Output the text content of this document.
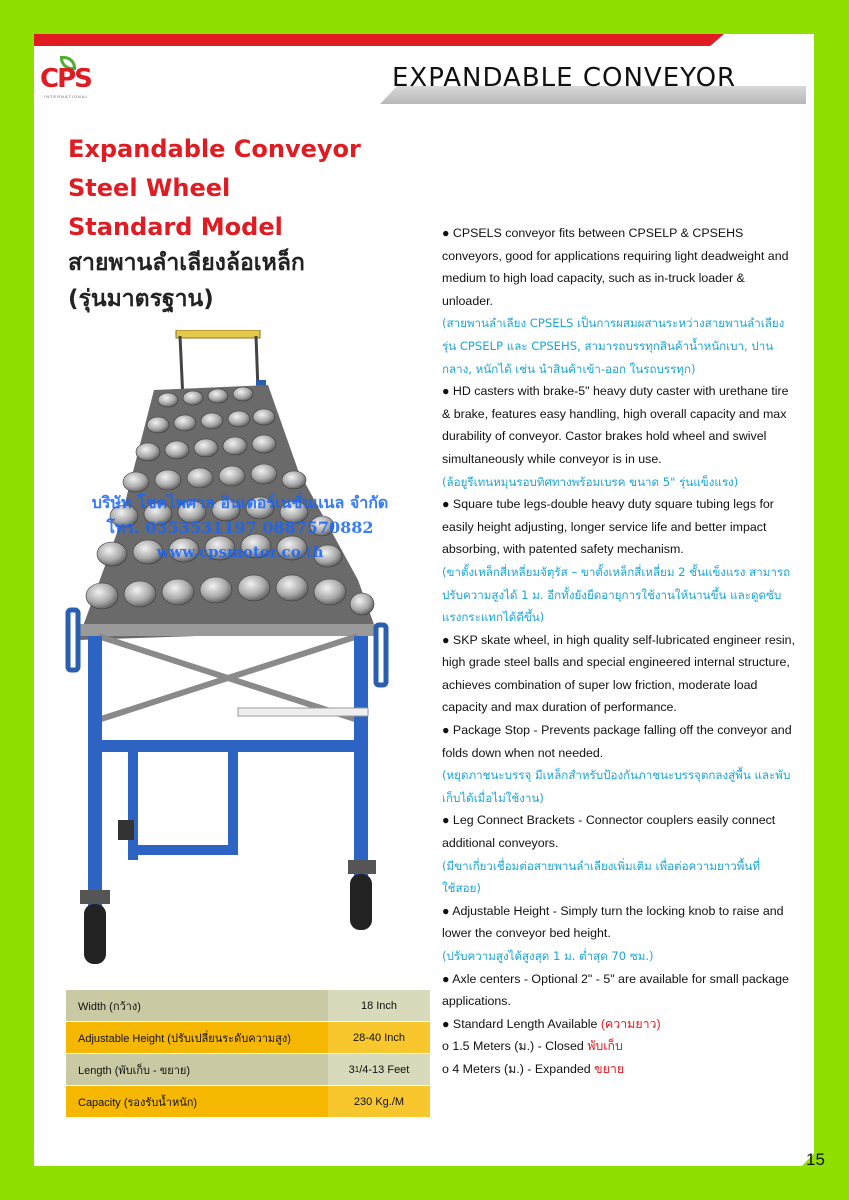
CPS
INTERNATIONAL
EXPANDABLE CONVEYOR
Expandable Conveyor
Steel Wheel
Standard Model
สายพานลำเลียงล้อเหล็ก
(รุ่นมาตรฐาน)
บริษัท โชคไพศาล อินเตอร์เนชั่นแนล จำกัด
โทร. 0353531197 0887570882
www.cpsmotor.co.th
Width (กว้าง)	18 Inch
Adjustable Height (ปรับเปลี่ยนระดับความสูง)	28-40 Inch
Length (พับเก็บ - ขยาย)	3 1 /4-13 Feet
Capacity (รองรับน้ำหนัก)	230 Kg./M

● CPSELS conveyor fits between CPSELP & CPSEHS conveyors, good for applications requiring light deadweight and medium to high load capacity, such as in-truck loader & unloader.

(สายพานลำเลียง CPSELS เป็นการผสมผสานระหว่างสายพานลำเลียงรุ่น CPSELP และ CPSEHS, สามารถบรรทุกสินค้าน้ำหนักเบา, ปานกลาง, หนักได้ เช่น นำสินค้าเข้า-ออก ในรถบรรทุก)

● HD casters with brake-5" heavy duty caster with urethane tire & brake, features easy handling, high overall capacity and max durability of conveyor. Castor brakes hold wheel and swivel simultaneously while conveyor is in use.

(ล้อยูรีเทนหมุนรอบทิศทางพร้อมเบรค ขนาด 5" รุ่นแข็งแรง)

● Square tube legs-double heavy duty square tubing legs for easily height adjusting, longer service life and better impact absorbing, with patented safety mechanism.

(ขาตั้งเหล็กสี่เหลี่ยมจัตุรัส – ขาตั้งเหล็กสี่เหลี่ยม 2 ชั้นแข็งแรง สามารถปรับความสูงได้ 1 ม. อีกทั้งยังยืดอายุการใช้งานให้นานขึ้น และดูดซับแรงกระแทกได้ดีขึ้น)

● SKP skate wheel, in high quality self-lubricated engineer resin, high grade steel balls and special engineered internal structure, achieves combination of super low friction, moderate load capacity and max duration of performance.

● Package Stop - Prevents package falling off the conveyor and folds down when not needed.

(หยุดภาชนะบรรจุ มีเหล็กสำหรับป้องกันภาชนะบรรจุตกลงสู่พื้น และพับเก็บได้เมื่อไม่ใช้งาน)

● Leg Connect Brackets - Connector couplers easily connect additional conveyors.

(มีขาเกี่ยวเชื่อมต่อสายพานลำเลียงเพิ่มเติม เพื่อต่อความยาวพื้นที่ใช้สอย)

● Adjustable Height - Simply turn the locking knob to raise and lower the conveyor bed height.

(ปรับความสูงได้สูงสุด 1 ม. ต่ำสุด 70 ซม.)

● Axle centers - Optional 2" - 5" are available for small package applications.

● Standard Length Available (ความยาว)

o 1.5 Meters (ม.) - Closed พับเก็บ

o 4 Meters (ม.) - Expanded ขยาย

15
